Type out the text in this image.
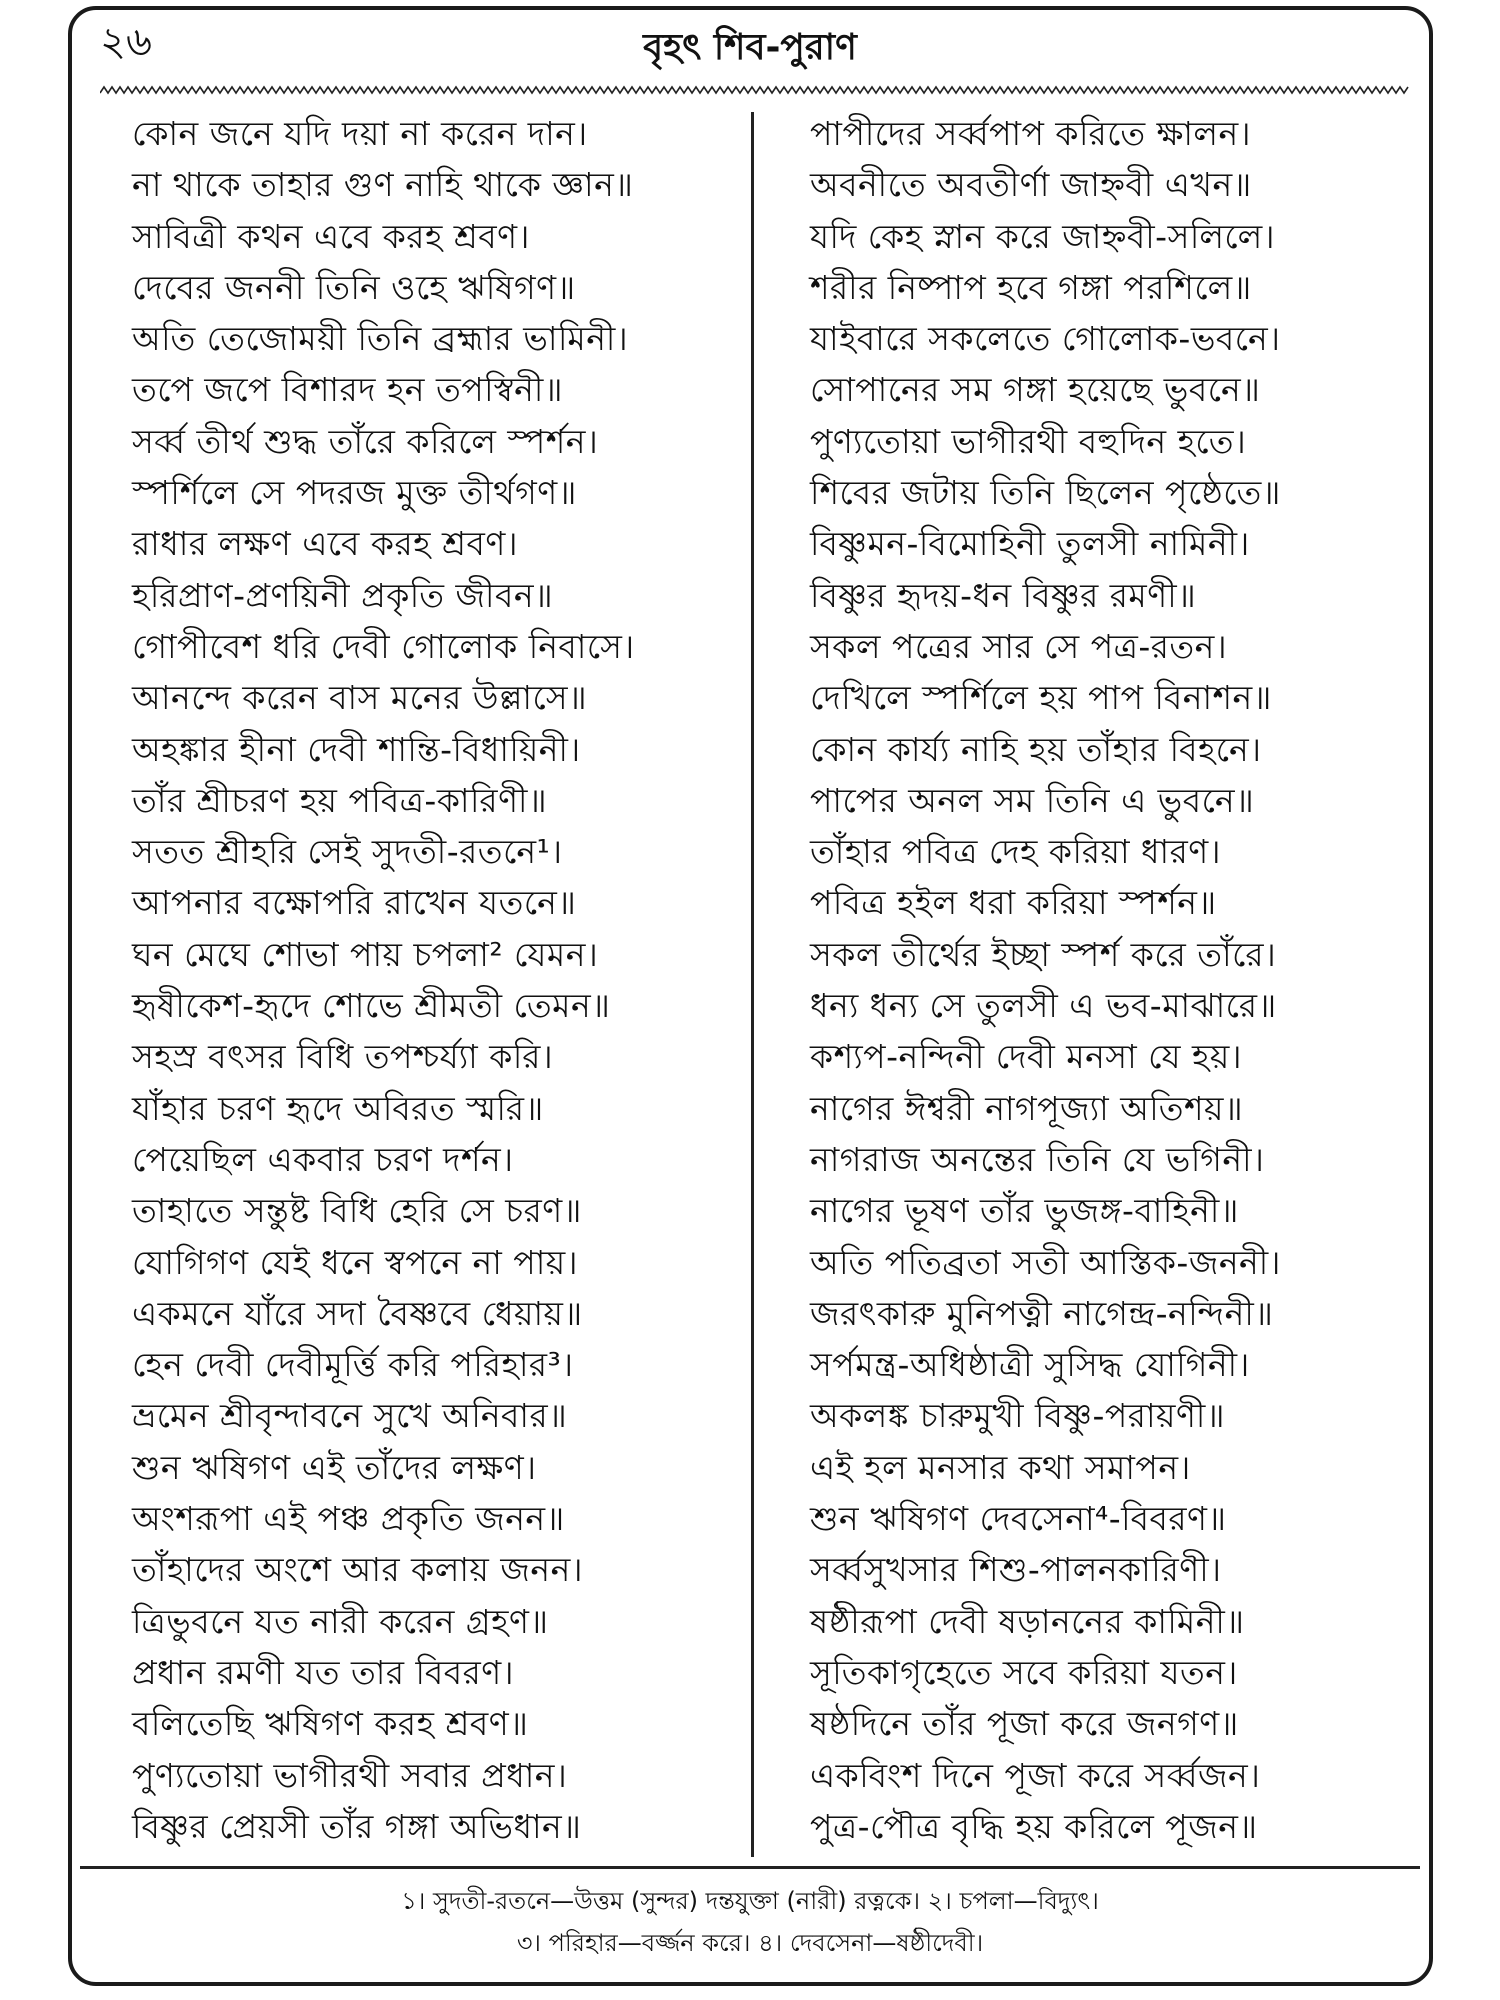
২৬	বৃহৎ শিব-পুরাণ
কোন জনে যদি দয়া না করেন দান।
না থাকে তাহার গুণ নাহি থাকে জ্ঞান॥
সাবিত্রী কথন এবে করহ শ্রবণ।
দেবের জননী তিনি ওহে ঋষিগণ॥
অতি তেজোময়ী তিনি ব্রহ্মার ভামিনী।
তপে জপে বিশারদ হন তপস্বিনী॥
সর্ব্ব তীর্থ শুদ্ধ তাঁরে করিলে স্পর্শন।
স্পর্শিলে সে পদরজ মুক্ত তীর্থগণ॥
রাধার লক্ষণ এবে করহ শ্রবণ।
হরিপ্রাণ-প্রণয়িনী প্রকৃতি জীবন॥
গোপীবেশ ধরি দেবী গোলোক নিবাসে।
আনন্দে করেন বাস মনের উল্লাসে॥
অহঙ্কার হীনা দেবী শান্তি-বিধায়িনী।
তাঁর শ্রীচরণ হয় পবিত্র-কারিণী॥
সতত শ্রীহরি সেই সুদতী-রতনে¹।
আপনার বক্ষোপরি রাখেন যতনে॥
ঘন মেঘে শোভা পায় চপলা² যেমন।
হৃষীকেশ-হৃদে শোভে শ্রীমতী তেমন॥
সহস্র বৎসর বিধি তপশ্চর্য্যা করি।
যাঁহার চরণ হৃদে অবিরত স্মরি॥
পেয়েছিল একবার চরণ দর্শন।
তাহাতে সন্তুষ্ট বিধি হেরি সে চরণ॥
যোগিগণ যেই ধনে স্বপনে না পায়।
একমনে যাঁরে সদা বৈষ্ণবে ধেয়ায়॥
হেন দেবী দেবীমূর্ত্তি করি পরিহার³।
ভ্রমেন শ্রীবৃন্দাবনে সুখে অনিবার॥
শুন ঋষিগণ এই তাঁদের লক্ষণ।
অংশরূপা এই পঞ্চ প্রকৃতি জনন॥
তাঁহাদের অংশে আর কলায় জনন।
ত্রিভুবনে যত নারী করেন গ্রহণ॥
প্রধান রমণী যত তার বিবরণ।
বলিতেছি ঋষিগণ করহ শ্রবণ॥
পুণ্যতোয়া ভাগীরথী সবার প্রধান।
বিষ্ণুর প্রেয়সী তাঁর গঙ্গা অভিধান॥
পাপীদের সর্ব্বপাপ করিতে ক্ষালন।
অবনীতে অবতীর্ণা জাহ্নবী এখন॥
যদি কেহ স্নান করে জাহ্নবী-সলিলে।
শরীর নিষ্পাপ হবে গঙ্গা পরশিলে॥
যাইবারে সকলেতে গোলোক-ভবনে।
সোপানের সম গঙ্গা হয়েছে ভুবনে॥
পুণ্যতোয়া ভাগীরথী বহুদিন হতে।
শিবের জটায় তিনি ছিলেন পৃষ্ঠেতে॥
বিষ্ণুমন-বিমোহিনী তুলসী নামিনী।
বিষ্ণুর হৃদয়-ধন বিষ্ণুর রমণী॥
সকল পত্রের সার সে পত্র-রতন।
দেখিলে স্পর্শিলে হয় পাপ বিনাশন॥
কোন কার্য্য নাহি হয় তাঁহার বিহনে।
পাপের অনল সম তিনি এ ভুবনে॥
তাঁহার পবিত্র দেহ করিয়া ধারণ।
পবিত্র হইল ধরা করিয়া স্পর্শন॥
সকল তীর্থের ইচ্ছা স্পর্শ করে তাঁরে।
ধন্য ধন্য সে তুলসী এ ভব-মাঝারে॥
কশ্যপ-নন্দিনী দেবী মনসা যে হয়।
নাগের ঈশ্বরী নাগপূজ্যা অতিশয়॥
নাগরাজ অনন্তের তিনি যে ভগিনী।
নাগের ভূষণ তাঁর ভুজঙ্গ-বাহিনী॥
অতি পতিব্রতা সতী আস্তিক-জননী।
জরৎকারু মুনিপত্নী নাগেন্দ্র-নন্দিনী॥
সর্পমন্ত্র-অধিষ্ঠাত্রী সুসিদ্ধ যোগিনী।
অকলঙ্ক চারুমুখী বিষ্ণু-পরায়ণী॥
এই হল মনসার কথা সমাপন।
শুন ঋষিগণ দেবসেনা⁴-বিবরণ॥
সর্ব্বসুখসার শিশু-পালনকারিণী।
ষষ্ঠীরূপা দেবী ষড়াননের কামিনী॥
সূতিকাগৃহেতে সবে করিয়া যতন।
ষষ্ঠদিনে তাঁর পূজা করে জনগণ॥
একবিংশ দিনে পূজা করে সর্ব্বজন।
পুত্র-পৌত্র বৃদ্ধি হয় করিলে পূজন॥
১। সুদতী-রতনে—উত্তম (সুন্দর) দন্তযুক্তা (নারী) রত্নকে। ২। চপলা—বিদ্যুৎ।
৩। পরিহার—বর্জ্জন করে। ৪। দেবসেনা—ষষ্ঠীদেবী।
